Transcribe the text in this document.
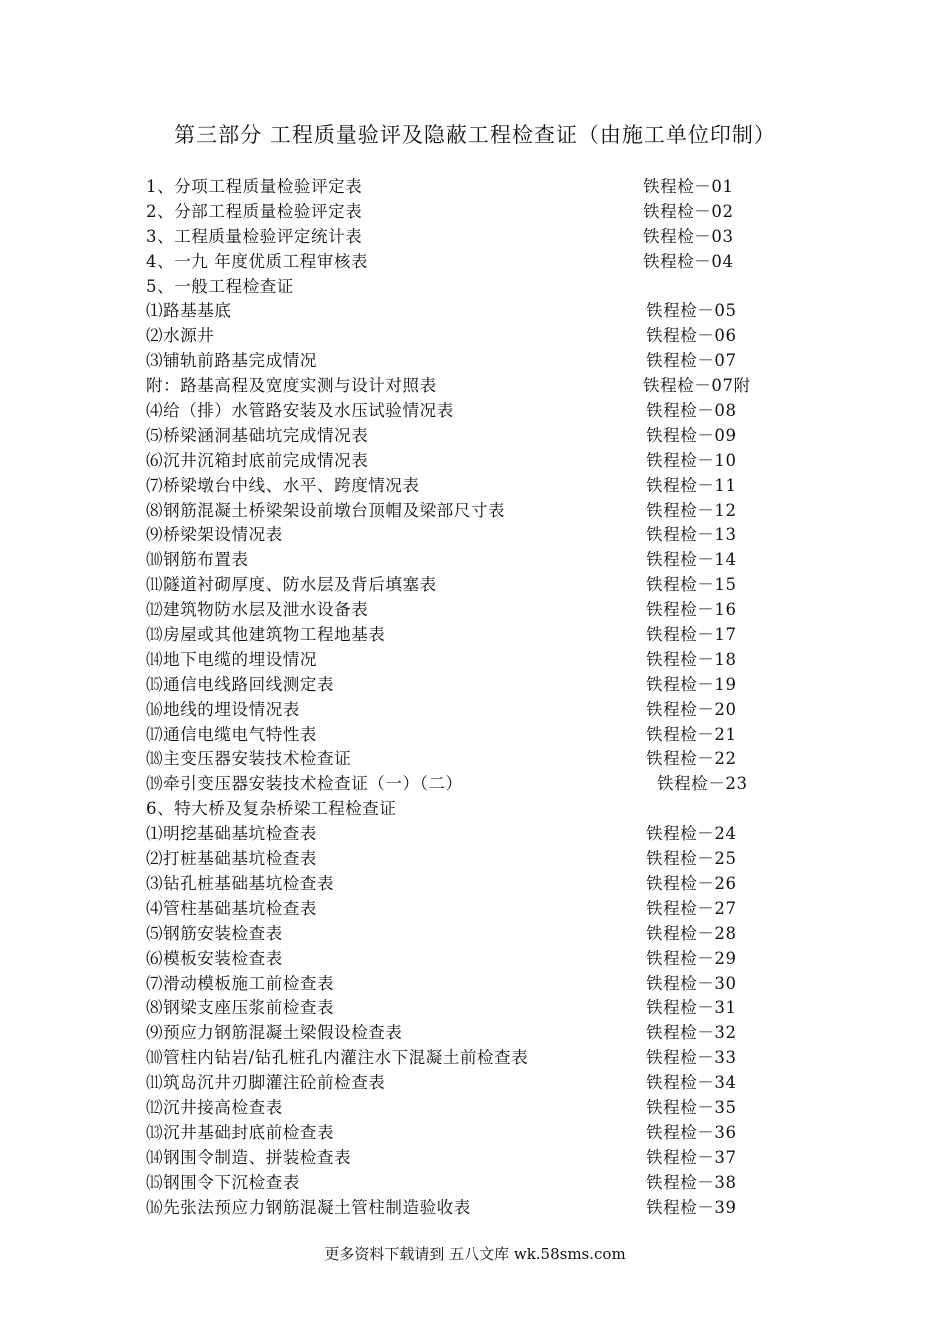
第三部分 工程质量验评及隐蔽工程检查证（由施工单位印制）
1、分项工程质量检验评定表	铁程检－01
2、分部工程质量检验评定表	铁程检－02
3、工程质量检验评定统计表	铁程检－03
4、一九 年度优质工程审核表	铁程检－04
5、一般工程检查证
⑴路基基底	铁程检－05
⑵水源井	铁程检－06
⑶铺轨前路基完成情况	铁程检－07
附：路基高程及宽度实测与设计对照表	铁程检－07附
⑷给（排）水管路安装及水压试验情况表	铁程检－08
⑸桥梁涵洞基础坑完成情况表	铁程检－09
⑹沉井沉箱封底前完成情况表	铁程检－10
⑺桥梁墩台中线、水平、跨度情况表	铁程检－11
⑻钢筋混凝土桥梁架设前墩台顶帽及梁部尺寸表	铁程检－12
⑼桥梁架设情况表	铁程检－13
⑽钢筋布置表	铁程检－14
⑾隧道衬砌厚度、防水层及背后填塞表	铁程检－15
⑿建筑物防水层及泄水设备表	铁程检－16
⒀房屋或其他建筑物工程地基表	铁程检－17
⒁地下电缆的埋设情况	铁程检－18
⒂通信电线路回线测定表	铁程检－19
⒃地线的埋设情况表	铁程检－20
⒄通信电缆电气特性表	铁程检－21
⒅主变压器安装技术检查证	铁程检－22
⒆牵引变压器安装技术检查证（一）（二）	铁程检－23
6、特大桥及复杂桥梁工程检查证
⑴明挖基础基坑检查表	铁程检－24
⑵打桩基础基坑检查表	铁程检－25
⑶钻孔桩基础基坑检查表	铁程检－26
⑷管柱基础基坑检查表	铁程检－27
⑸钢筋安装检查表	铁程检－28
⑹模板安装检查表	铁程检－29
⑺滑动模板施工前检查表	铁程检－30
⑻钢梁支座压浆前检查表	铁程检－31
⑼预应力钢筋混凝土梁假设检查表	铁程检－32
⑽管柱内钻岩/钻孔桩孔内灌注水下混凝土前检查表	铁程检－33
⑾筑岛沉井刃脚灌注砼前检查表	铁程检－34
⑿沉井接高检查表	铁程检－35
⒀沉井基础封底前检查表	铁程检－36
⒁钢围令制造、拼装检查表	铁程检－37
⒂钢围令下沉检查表	铁程检－38
⒃先张法预应力钢筋混凝土管柱制造验收表	铁程检－39
更多资料下载请到 五八文库 wk.58sms.com
